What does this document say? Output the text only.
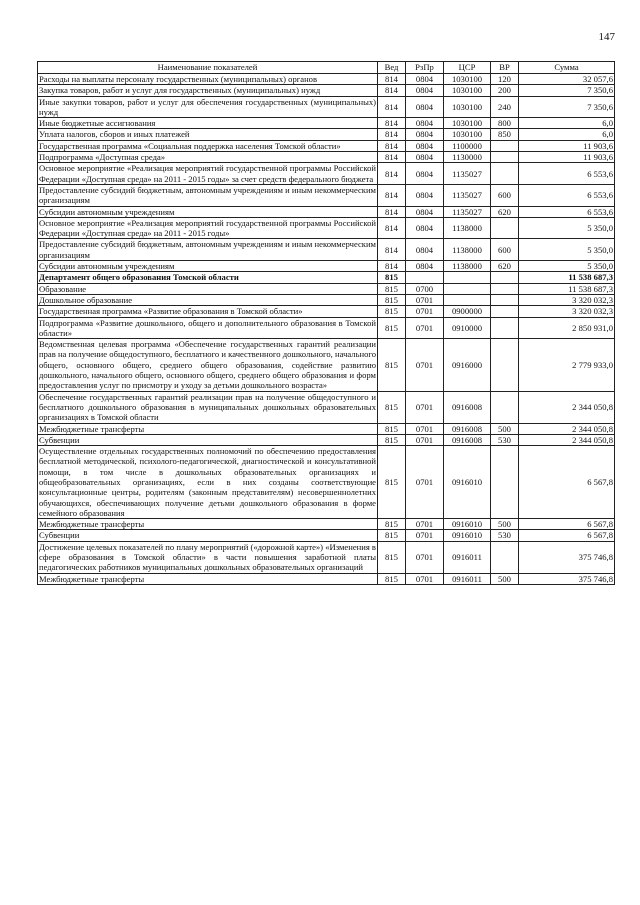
147
Наименование показателей	Вед	РзПр	ЦСР	ВР	Сумма
Расходы на выплаты персоналу государственных (муниципальных) органов	814	0804	1030100	120	32 057,6
Закупка товаров, работ и услуг для государственных (муниципальных) нужд	814	0804	1030100	200	7 350,6
Иные закупки товаров, работ и услуг для обеспечения государственных (муниципальных) нужд	814	0804	1030100	240	7 350,6
Иные бюджетные ассигнования	814	0804	1030100	800	6,0
Уплата налогов, сборов и иных платежей	814	0804	1030100	850	6,0
Государственная программа «Социальная поддержка населения Томской области»	814	0804	1100000		11 903,6
Подпрограмма «Доступная среда»	814	0804	1130000		11 903,6
Основное мероприятие «Реализация мероприятий государственной программы Российской Федерации «Доступная среда» на 2011 - 2015 годы» за счет средств федерального бюджета	814	0804	1135027		6 553,6
Предоставление субсидий бюджетным, автономным учреждениям и иным некоммерческим организациям	814	0804	1135027	600	6 553,6
Субсидии автономным учреждениям	814	0804	1135027	620	6 553,6
Основное мероприятие «Реализация мероприятий государственной программы Российской Федерации «Доступная среда» на 2011 - 2015 годы»	814	0804	1138000		5 350,0
Предоставление субсидий бюджетным, автономным учреждениям и иным некоммерческим организациям	814	0804	1138000	600	5 350,0
Субсидии автономным учреждениям	814	0804	1138000	620	5 350,0
Департамент общего образования Томской области	815				11 538 687,3
Образование	815	0700			11 538 687,3
Дошкольное образование	815	0701			3 320 032,3
Государственная программа «Развитие образования в Томской области»	815	0701	0900000		3 320 032,3
Подпрограмма «Развитие дошкольного, общего и дополнительного образования в Томской области»	815	0701	0910000		2 850 931,0
Ведомственная целевая программа «Обеспечение государственных гарантий реализации прав на получение общедоступного, бесплатного и качественного дошкольного, начального общего, основного общего, среднего общего образования, содействие развитию дошкольного, начального общего, основного общего, среднего общего образования и форм предоставления услуг по присмотру и уходу за детьми дошкольного возраста»	815	0701	0916000		2 779 933,0
Обеспечение государственных гарантий реализации прав на получение общедоступного и бесплатного дошкольного образования в муниципальных дошкольных образовательных организациях в Томской области	815	0701	0916008		2 344 050,8
Межбюджетные трансферты	815	0701	0916008	500	2 344 050,8
Субвенции	815	0701	0916008	530	2 344 050,8
Осуществление отдельных государственных полномочий по обеспечению предоставления бесплатной методической, психолого-педагогической, диагностической и консультативной помощи, в том числе в дошкольных образовательных организациях и общеобразовательных организациях, если в них созданы соответствующие консультационные центры, родителям (законным представителям) несовершеннолетних обучающихся, обеспечивающих получение детьми дошкольного образования в форме семейного образования	815	0701	0916010		6 567,8
Межбюджетные трансферты	815	0701	0916010	500	6 567,8
Субвенции	815	0701	0916010	530	6 567,8
Достижение целевых показателей по плану мероприятий («дорожной карте») «Изменения в сфере образования в Томской области» в части повышения заработной платы педагогических работников муниципальных дошкольных образовательных организаций	815	0701	0916011		375 746,8
Межбюджетные трансферты	815	0701	0916011	500	375 746,8
